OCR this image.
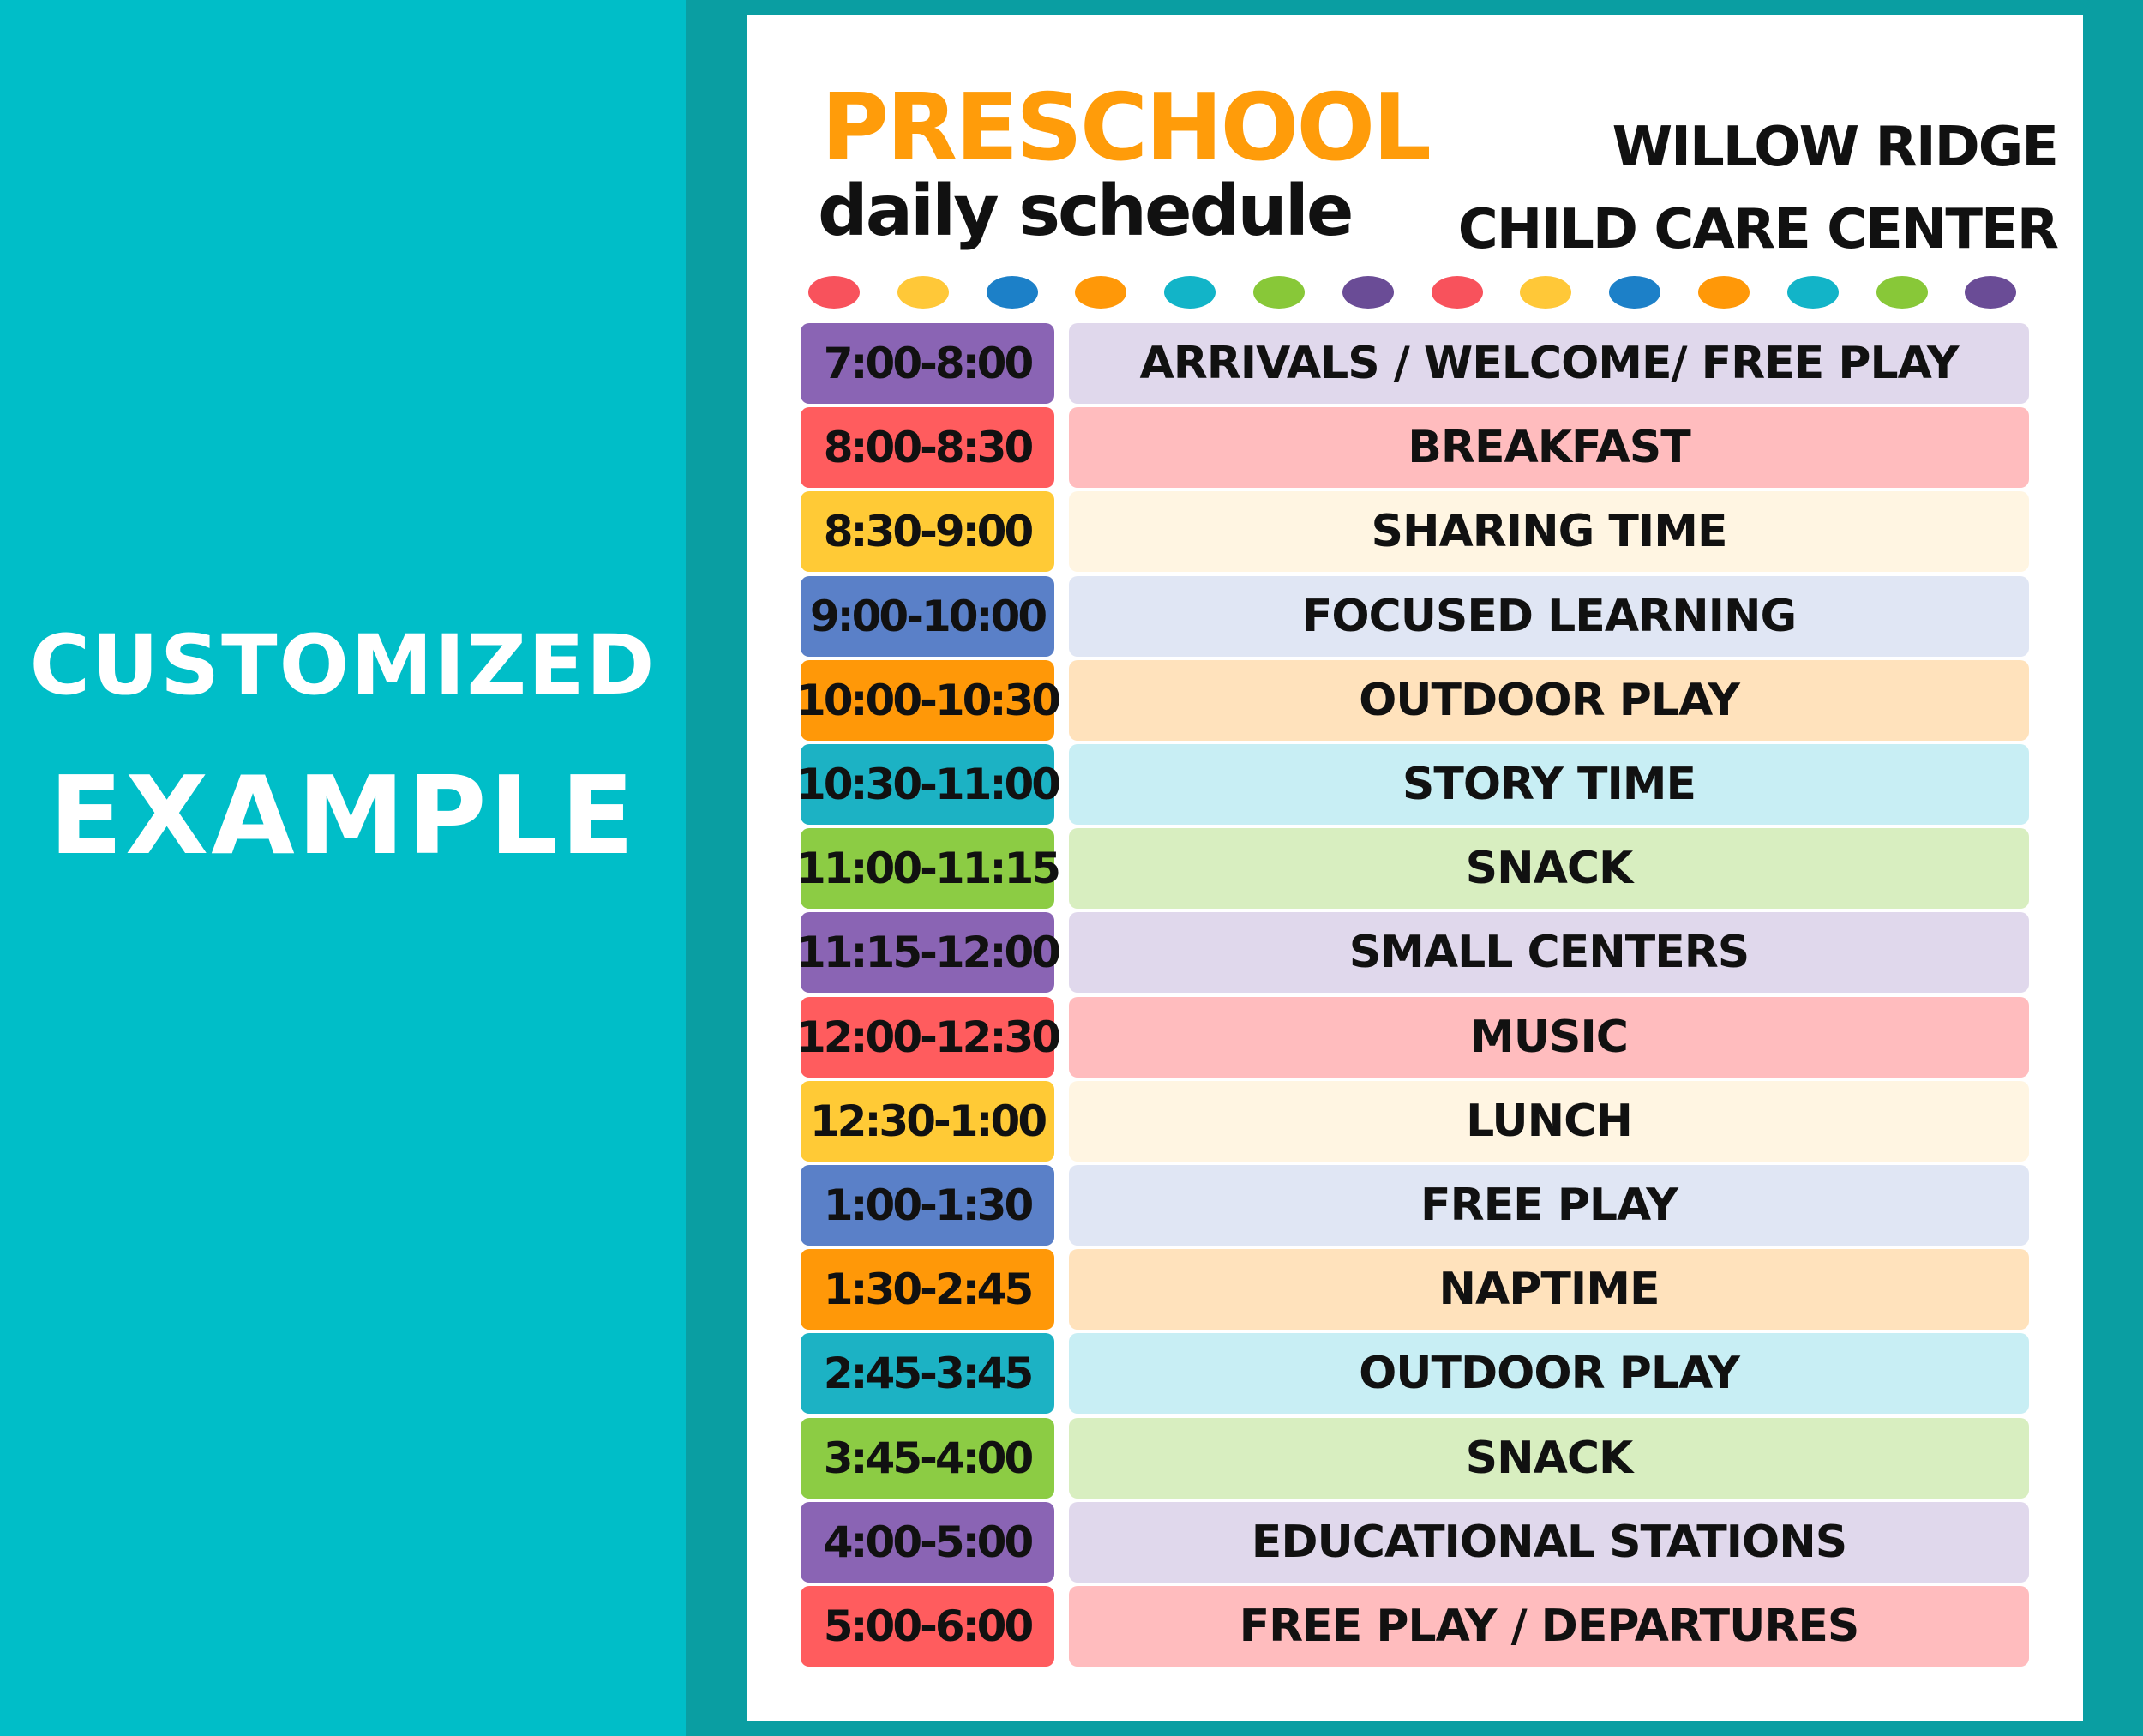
CUSTOMIZED
EXAMPLE
PRESCHOOL
daily schedule
WILLOW RIDGE
CHILD CARE CENTER
7:00-8:00	ARRIVALS / WELCOME/ FREE PLAY
8:00-8:30	BREAKFAST
8:30-9:00	SHARING TIME
9:00-10:00	FOCUSED LEARNING
10:00-10:30	OUTDOOR PLAY
10:30-11:00	STORY TIME
11:00-11:15	SNACK
11:15-12:00	SMALL CENTERS
12:00-12:30	MUSIC
12:30-1:00	LUNCH
1:00-1:30	FREE PLAY
1:30-2:45	NAPTIME
2:45-3:45	OUTDOOR PLAY
3:45-4:00	SNACK
4:00-5:00	EDUCATIONAL STATIONS
5:00-6:00	FREE PLAY / DEPARTURES
